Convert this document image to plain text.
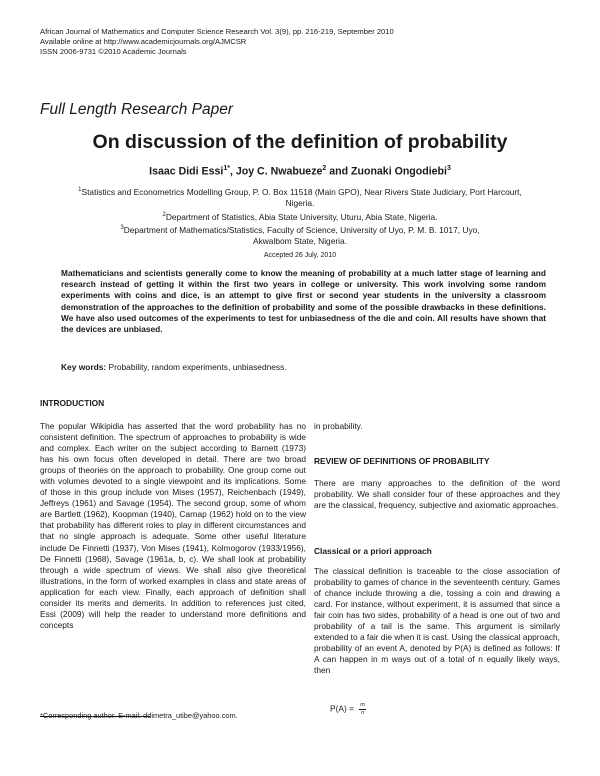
African Journal of Mathematics and Computer Science Research Vol. 3(9), pp. 216-219, September 2010
Available online at http://www.academicjournals.org/AJMCSR
ISSN 2006-9731 ©2010 Academic Journals
Full Length Research Paper
On discussion of the definition of probability
Isaac Didi Essi$^{1*}$, Joy C. Nwabueze$^2$ and Zuonaki Ongodiebi$^3$
$^1$Statistics and Econometrics Modelling Group, P. O. Box 11518 (Main GPO), Near Rivers State Judiciary, Port Harcourt,
Nigeria.
$^2$Department of Statistics, Abia State University, Uturu, Abia State, Nigeria.
$^3$Department of Mathematics/Statistics, Faculty of Science, University of Uyo, P. M. B. 1017, Uyo,
Akwalbom State, Nigeria.
Accepted 26 July, 2010
Mathematicians and scientists generally come to know the meaning of probability at a much latter stage of learning and research instead of getting it within the first two years in college or university. This work involving some random experiments with coins and dice, is an attempt to give first or second year students in the university a classroom demonstration of the approaches to the definition of probability and some of the possible drawbacks in these definitions. We have also used outcomes of the experiments to test for unbiasedness of the die and coin. All results have shown that the devices are unbiased.
Key words: Probability, random experiments, unbiasedness.
INTRODUCTION
The popular Wikipidia has asserted that the word probability has no consistent definition. The spectrum of approaches to probability is wide and complex. Each writer on the subject according to Barnett (1973) has his own focus often developed in detail. There are two broad groups of theories on the approach to probability. One group come out with volumes devoted to a single viewpoint and its implications. Some of those in this group include von Mises (1957), Reichenbach (1949), Jeffreys (1961) and Savage (1954). The second group, some of whom are Bartlett (1962), Koopman (1940), Carnap (1962) hold on to the view that probability has different roles to play in different circumstances and that no single approach is adequate. Some other useful literature include De Finnetti (1937), Von Mises (1941), Kolmogorov (1933/1956), De Finnetti (1968), Savage (1961a, b, c). We shall look at probability through a wide spectrum of views. We shall also give theoretical illustrations, in the form of worked examples in class and state areas of application for each view. Finally, each approach of definition shall consider its merits and demerits. In addition to references just cited, Essi (2009) will help the reader to understand more definitions and concepts
in probability.
REVIEW OF DEFINITIONS OF PROBABILITY
There are many approaches to the definition of the word probability. We shall consider four of these approaches and they are the classical, frequency, subjective and axiomatic approaches.
Classical or a priori approach
The classical definition is traceable to the close association of probability to games of chance in the seventeenth century. Games of chance include throwing a die, tossing a coin and drawing a card. For instance, without experiment, it is assumed that since a fair coin has two sides, probability of a head is one out of two and probability of a tail is the same. This argument is similarly extended to a fair die when it is cast. Using the classical approach, probability of an event A, denoted by P(A) is defined as follows: If A can happen in m ways out of a total of n equally likely ways, then
$P(A) = \frac{m}{n}$
*Corresponding author. E-mail: ddimetra_utibe@yahoo.com.
